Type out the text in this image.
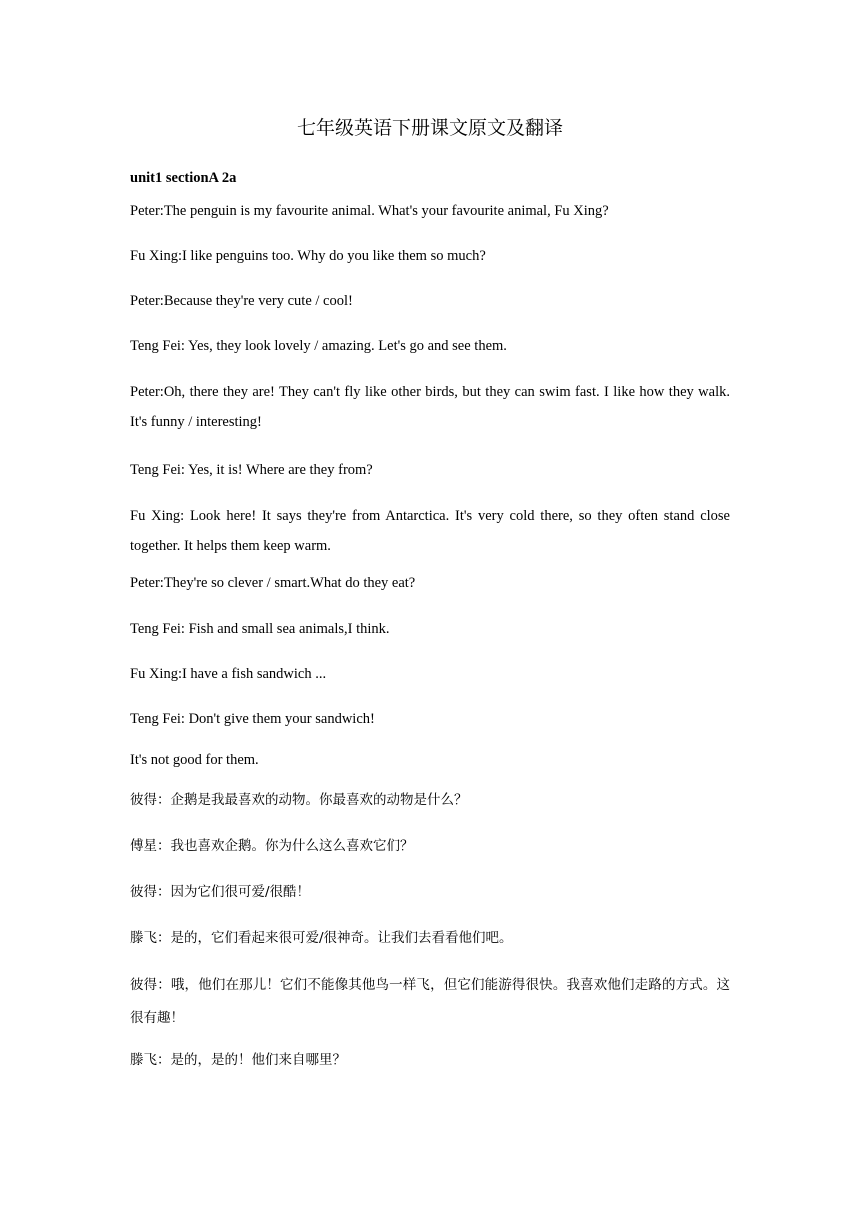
七年级英语下册课文原文及翻译
unit1 sectionA 2a

Peter:The penguin is my favourite animal. What's your favourite animal, Fu Xing?

Fu Xing:I like penguins too. Why do you like them so much?

Peter:Because they're very cute / cool!

Teng Fei: Yes, they look lovely / amazing. Let's go and see them.

Peter:Oh, there they are! They can't fly like other birds, but they can swim fast. I like how they walk. It's funny / interesting!

Teng Fei: Yes, it is! Where are they from?

Fu Xing: Look here! It says they're from Antarctica. It's very cold there, so they often stand close together. It helps them keep warm.

Peter:They're so clever / smart.What do they eat?

Teng Fei: Fish and small sea animals,I think.

Fu Xing:I have a fish sandwich ...

Teng Fei: Don't give them your sandwich!

It's not good for them.

彼得：企鹅是我最喜欢的动物。你最喜欢的动物是什么？

傅星：我也喜欢企鹅。你为什么这么喜欢它们？

彼得：因为它们很可爱/很酷！

滕飞：是的，它们看起来很可爱/很神奇。让我们去看看他们吧。

彼得：哦，他们在那儿！它们不能像其他鸟一样飞，但它们能游得很快。我喜欢他们走路的方式。这很有趣！

滕飞：是的，是的！他们来自哪里？
